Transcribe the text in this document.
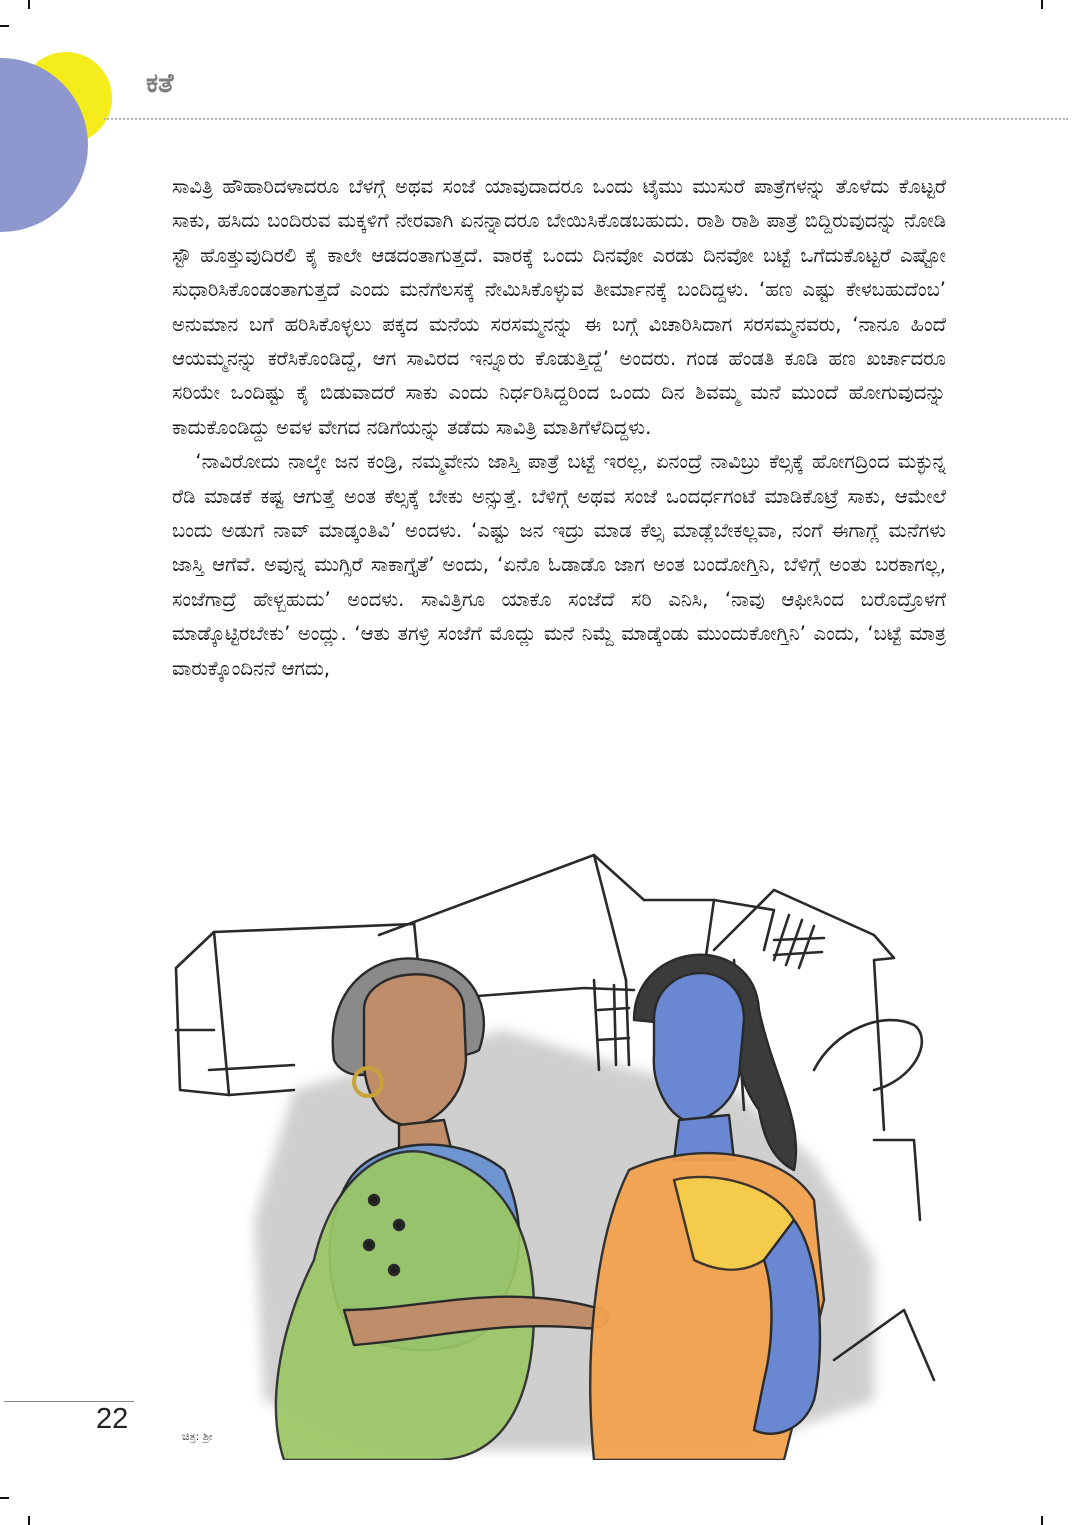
ಕತೆ

ಸಾವಿತ್ರಿ ಹೌಹಾರಿದಳಾದರೂ ಬೆಳಗ್ಗೆ ಅಥವ ಸಂಜೆ ಯಾವುದಾದರೂ ಒಂದು ಟೈಮು ಮುಸುರೆ ಪಾತ್ರೆಗಳನ್ನು ತೊಳೆದು ಕೊಟ್ಟರೆ ಸಾಕು, ಹಸಿದು ಬಂದಿರುವ ಮಕ್ಕಳಿಗೆ ನೇರವಾಗಿ ಏನನ್ನಾದರೂ ಬೇಯಿಸಿಕೊಡಬಹುದು. ರಾಶಿ ರಾಶಿ ಪಾತ್ರೆ ಬಿದ್ದಿರುವುದನ್ನು ನೋಡಿ ಸ್ಟೌ ಹೊತ್ತುವುದಿರಲಿ ಕೈ ಕಾಲೇ ಆಡದಂತಾಗುತ್ತದೆ. ವಾರಕ್ಕೆ ಒಂದು ದಿನವೋ ಎರಡು ದಿನವೋ ಬಟ್ಟೆ ಒಗೆದುಕೊಟ್ಟರೆ ಎಷ್ಟೋ ಸುಧಾರಿಸಿಕೊಂಡಂತಾಗುತ್ತದೆ ಎಂದು ಮನೆಗೆಲಸಕ್ಕೆ ನೇಮಿಸಿಕೊಳ್ಳುವ ತೀರ್ಮಾನಕ್ಕೆ ಬಂದಿದ್ದಳು. ‘ಹಣ ಎಷ್ಟು ಕೇಳಬಹುದೆಂಬ’ ಅನುಮಾನ ಬಗೆ ಹರಿಸಿಕೊಳ್ಳಲು ಪಕ್ಕದ ಮನೆಯ ಸರಸಮ್ಮನನ್ನು ಈ ಬಗ್ಗೆ ವಿಚಾರಿಸಿದಾಗ ಸರಸಮ್ಮನವರು, ‘ನಾನೂ ಹಿಂದೆ ಆಯಮ್ಮನನ್ನು ಕರೆಸಿಕೊಂಡಿದ್ದೆ, ಆಗ ಸಾವಿರದ ಇನ್ನೂರು ಕೊಡುತ್ತಿದ್ದೆ’ ಅಂದರು. ಗಂಡ ಹೆಂಡತಿ ಕೂಡಿ ಹಣ ಖರ್ಚಾದರೂ ಸರಿಯೇ ಒಂದಿಷ್ಟು ಕೈ ಬಿಡುವಾದರೆ ಸಾಕು ಎಂದು ನಿರ್ಧರಿಸಿದ್ದರಿಂದ ಒಂದು ದಿನ ಶಿವಮ್ಮ ಮನೆ ಮುಂದೆ ಹೋಗುವುದನ್ನು ಕಾದುಕೊಂಡಿದ್ದು ಅವಳ ವೇಗದ ನಡಿಗೆಯನ್ನು ತಡೆದು ಸಾವಿತ್ರಿ ಮಾತಿಗೆಳೆದಿದ್ದಳು.

‘ನಾವಿರೋದು ನಾಲ್ಕೇ ಜನ ಕಂಡ್ರಿ, ನಮ್ಮವೇನು ಜಾಸ್ತಿ ಪಾತ್ರೆ ಬಟ್ಟೆ ಇರಲ್ಲ, ಏನಂದ್ರೆ ನಾವಿಬ್ರು ಕೆಲ್ಸಕ್ಕೆ ಹೋಗದ್ರಿಂದ ಮಕ್ಳುನ್ನ ರೆಡಿ ಮಾಡಕೆ ಕಷ್ಟ ಆಗುತ್ತೆ ಅಂತ ಕೆಲ್ಸಕ್ಕೆ ಬೇಕು ಅನ್ಸುತ್ತೆ. ಬೆಳಿಗ್ಗೆ ಅಥವ ಸಂಜೆ ಒಂದರ್ಧಗಂಟೆ ಮಾಡಿಕೊಟ್ರೆ ಸಾಕು, ಆಮೇಲೆ ಬಂದು ಅಡುಗೆ ನಾವ್ ಮಾಡ್ಕಂತಿವಿ’ ಅಂದಳು. ‘ಎಷ್ಟು ಜನ ಇದ್ರು ಮಾಡ ಕೆಲ್ಸ ಮಾಡ್ಲೆಬೇಕಲ್ಲವಾ, ನಂಗೆ ಈಗಾಗ್ಲೆ ಮನೆಗಳು ಜಾಸ್ತಿ ಆಗೆವೆ. ಅವುನ್ನ ಮುಗ್ಸಿರೆ ಸಾಕಾಗ್ತೈತೆ’ ಅಂದು, ‘ಏನೊ ಓಡಾಡೊ ಜಾಗ ಅಂತ ಬಂದೋಗ್ತಿನಿ, ಬೆಳಿಗ್ಗೆ ಅಂತು ಬರಕಾಗಲ್ಲ, ಸಂಜೆಗಾದ್ರೆ ಹೇಳ್ಬಹುದು’ ಅಂದಳು. ಸಾವಿತ್ರಿಗೂ ಯಾಕೊ ಸಂಜೆದೆ ಸರಿ ಎನಿಸಿ, ‘ನಾವು ಆಫೀಸಿಂದ ಬರೊದ್ರೊಳಗೆ ಮಾಡ್ಕೊಟ್ಟಿರಬೇಕು’ ಅಂದ್ಲು. ‘ಆತು ತಗಳ್ರಿ ಸಂಜೆಗೆ ಮೊದ್ಲು ಮನೆ ನಿಮ್ದೆ ಮಾಡ್ಕೆಂಡು ಮುಂದುಕೋಗ್ತಿನಿ’ ಎಂದು, ‘ಬಟ್ಟೆ ಮಾತ್ರ ವಾರುಕ್ಕೊಂದಿನನೆ ಆಗದು,

ಚಿತ್ರ: ಶ್ರೀ
22
